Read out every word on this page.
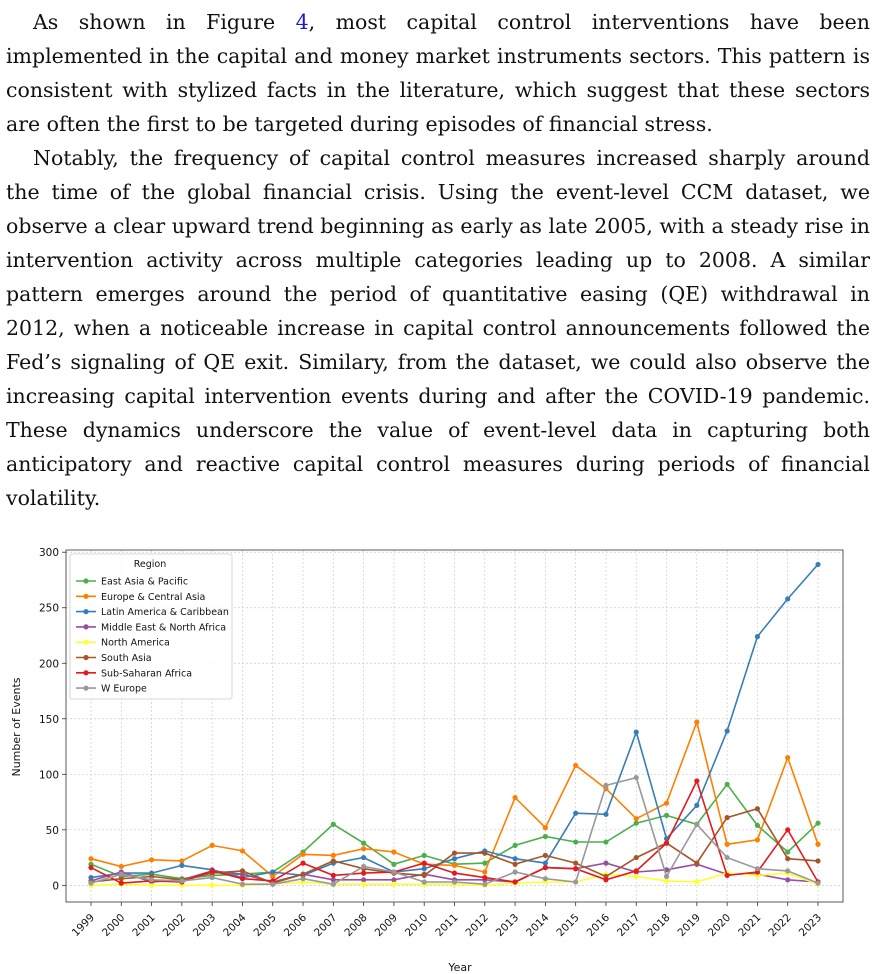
As shown in Figure 4, most capital control interventions have been implemented in the capital and money market instruments sectors. This pattern is consistent with stylized facts in the literature, which suggest that these sectors are often the first to be targeted during episodes of financial stress.

Notably, the frequency of capital control measures increased sharply around the time of the global financial crisis. Using the event-level CCM dataset, we observe a clear upward trend beginning as early as late 2005, with a steady rise in intervention activity across multiple categories leading up to 2008. A similar pattern emerges around the period of quantitative easing (QE) withdrawal in 2012, when a noticeable increase in capital control announcements followed the Fed’s signaling of QE exit. Similary, from the dataset, we could also observe the increasing capital intervention events during and after the COVID-19 pandemic. These dynamics underscore the value of event-level data in capturing both anticipatory and reactive capital control measures during periods of financial volatility.

1999 2000 2001 2002 2003 2004 2005 2006 2007 2008 2009 2010 2011 2012 2013 2014 2015 2016 2017 2018 2019 2020 2021 2022 2023
0
50
100
150
200
250
300
Region
East Asia & Pacific
Europe & Central Asia
Latin America & Caribbean
Middle East & North Africa
North America
South Asia
Sub-Saharan Africa
W Europe
Year
Number of Events
